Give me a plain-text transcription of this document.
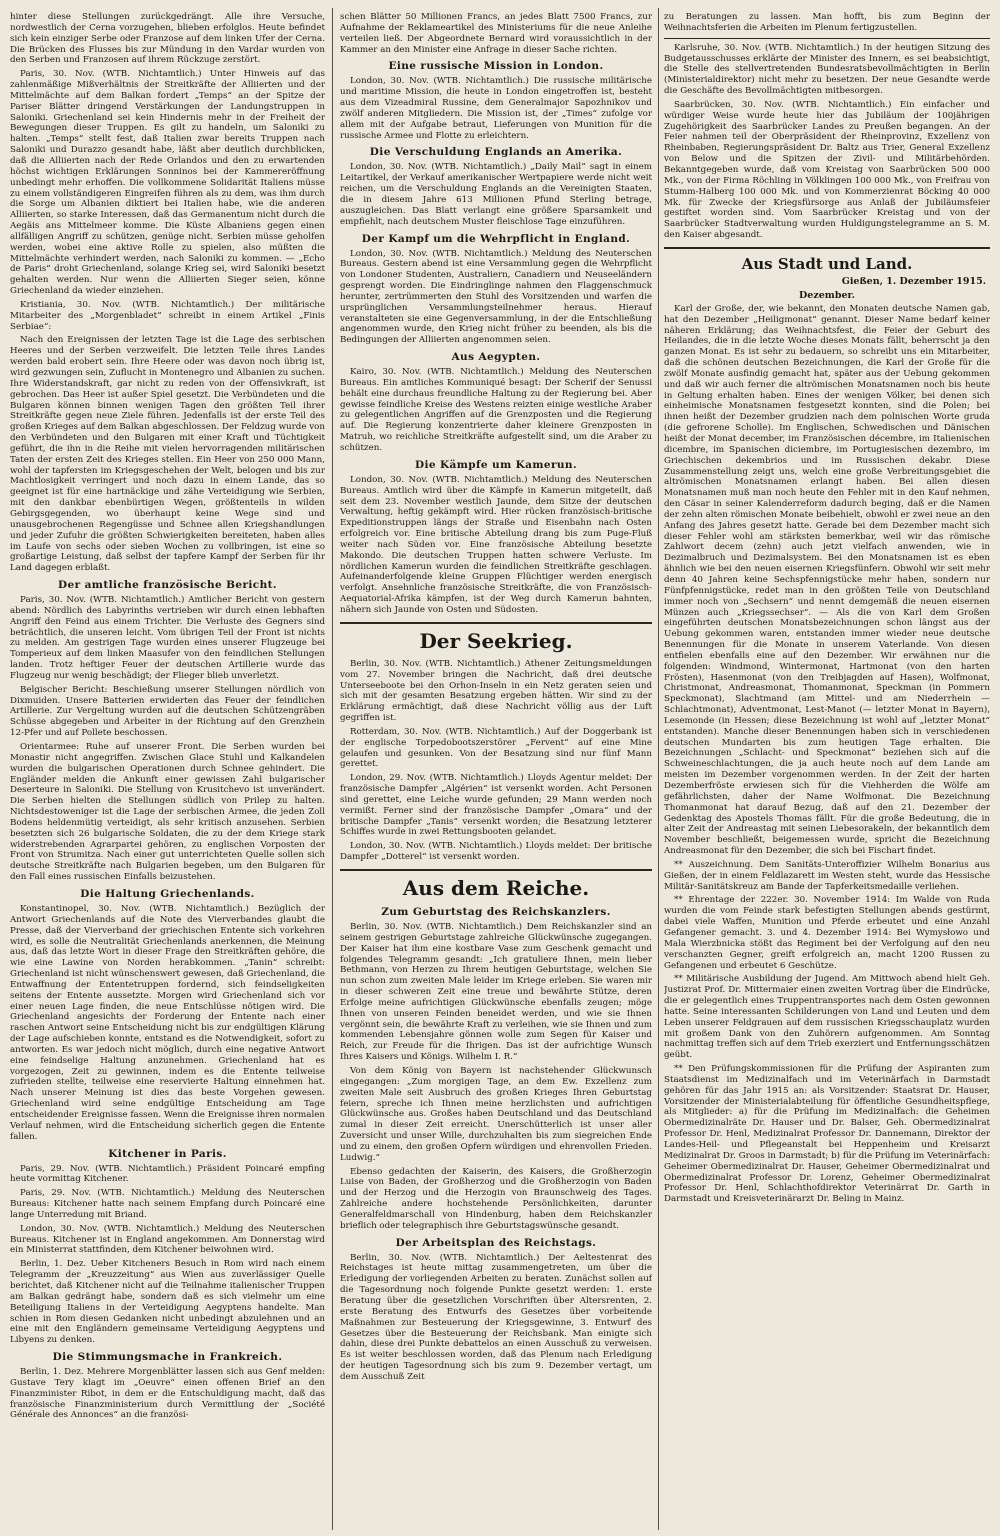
hinter diese Stellungen zurückgedrängt. Alle ihre Versuche, nordwestlich der Cerna vorzugehen, blieben erfolglos. Heute befindet sich kein einziger Serbe oder Franzose auf dem linken Ufer der Cerna. Die Brücken des Flusses bis zur Mündung in den Vardar wurden von den Serben und Franzosen auf ihrem Rückzuge zerstört.

Paris, 30. Nov. (WTB. Nichtamtlich.) Unter Hinweis auf das zahlenmäßige Mißverhältnis der Streitkräfte der Alliierten und der Mittelmächte auf dem Balkan fordert „Temps“ an der Spitze der Pariser Blätter dringend Verstärkungen der Landungstruppen in Saloniki. Griechenland sei kein Hindernis mehr in der Freiheit der Bewegungen dieser Truppen. Es gilt zu handeln, um Saloniki zu halten. „Temps“ stellt fest, daß Italien zwar bereits Truppen nach Saloniki und Durazzo gesandt habe, läßt aber deutlich durchblicken, daß die Alliierten nach der Rede Orlandos und den zu erwartenden höchst wichtigen Erklärungen Sonninos bei der Kammereröffnung unbedingt mehr erhoffen. Die vollkommene Solidarität Italiens müsse zu einem vollständigeren Eingreifen führen als zu dem, was ihm durch die Sorge um Albanien diktiert bei Italien habe, wie die anderen Alliierten, so starke Interessen, daß das Germanentum nicht durch die Aegäis ans Mittelmeer komme. Die Küste Albaniens gegen einen allfälligen Angriff zu schützen, genüge nicht. Serbien müsse geholfen werden, wobei eine aktive Rolle zu spielen, also müßten die Mittelmächte verhindert werden, nach Saloniki zu kommen. — „Echo de Paris“ droht Griechenland, solange Krieg sei, wird Saloniki besetzt gehalten werden. Nur wenn die Alliierten Sieger seien, könne Griechenland da wieder einziehen.

Kristiania, 30. Nov. (WTB. Nichtamtlich.) Der militärische Mitarbeiter des „Morgenbladet“ schreibt in einem Artikel „Finis Serbiae“:

Nach den Ereignissen der letzten Tage ist die Lage des serbischen Heeres und der Serben verzweifelt. Die letzten Teile ihres Landes werden bald erobert sein. Ihre Heere oder was davon noch übrig ist, wird gezwungen sein, Zuflucht in Montenegro und Albanien zu suchen. Ihre Widerstandskraft, gar nicht zu reden von der Offensivkraft, ist gebrochen. Das Heer ist außer Spiel gesetzt. Die Verbündeten und die Bulgaren können binnen wenigen Tagen den größten Teil ihrer Streitkräfte gegen neue Ziele führen. Jedenfalls ist der erste Teil des großen Krieges auf dem Balkan abgeschlossen. Der Feldzug wurde von den Verbündeten und den Bulgaren mit einer Kraft und Tüchtigkeit geführt, die ihn in die Reihe mit vielen hervorragenden militärischen Taten der ersten Zeit des Krieges stellen. Ein Heer von 250 000 Mann, wohl der tapfersten im Kriegsgeschehen der Welt, belogen und bis zur Machtlosigkeit verringert und noch dazu in einem Lande, das so geeignet ist für eine hartnäckige und zähe Verteidigung wie Serbien, mit den dankbar ebenbürtigen Wegen, größtenteils in wilden Gebirgsgegenden, wo überhaupt keine Wege sind und unausgebrochenen Regengüsse und Schnee allen Kriegshandlungen und jeder Zufuhr die größten Schwierigkeiten bereiteten, haben alles im Laufe von sechs oder sieben Wochen zu vollbringen, ist eine so großartige Leistung, daß selbst der tapfere Kampf der Serben für ihr Land dagegen erblaßt.

Der amtliche französische Bericht.

Paris, 30. Nov. (WTB. Nichtamtlich.) Amtlicher Bericht von gestern abend: Nördlich des Labyrinths vertrieben wir durch einen lebhaften Angriff den Feind aus einem Trichter. Die Verluste des Gegners sind beträchtlich, die unseren leicht. Vom übrigen Teil der Front ist nichts zu melden. Am gestrigen Tage wurden eines unserer Flugzeuge bei Tomperieux auf dem linken Maasufer von den feindlichen Stellungen landen. Trotz heftiger Feuer der deutschen Artillerie wurde das Flugzeug nur wenig beschädigt; der Flieger blieb unverletzt.

Belgischer Bericht: Beschießung unserer Stellungen nördlich von Dixmuiden. Unsere Batterien erwiderten das Feuer der feindlichen Artillerie. Zur Vergeltung wurden auf die deutschen Schützengräben Schüsse abgegeben und Arbeiter in der Richtung auf den Grenzhein 12-Pfer und auf Pollete beschossen.

Orientarmee: Ruhe auf unserer Front. Die Serben wurden bei Monastir nicht angegriffen. Zwischen Glace Stuhl und Kalkandelen wurden die bulgarischen Operationen durch Schnee gehindert. Die Engländer melden die Ankunft einer gewissen Zahl bulgarischer Deserteure in Saloniki. Die Stellung von Krusitchevo ist unverändert. Die Serben hielten die Stellungen südlich von Prilep zu halten. Nichtsdestoweniger ist die Lage der serbischen Armee, die jeden Zoll Bodens heldenmütig verteidigt, als sehr kritisch anzusehen. Serbien besetzten sich 26 bulgarische Soldaten, die zu der dem Kriege stark widerstrebenden Agrarpartei gehören, zu englischen Vorposten der Front von Strumitza. Nach einer gut unterrichteten Quelle sollen sich deutsche Streitkräfte nach Bulgarien begeben, um den Bulgaren für den Fall eines russischen Einfalls beizustehen.

Die Haltung Griechenlands.

Konstantinopel, 30. Nov. (WTB. Nichtamtlich.) Bezüglich der Antwort Griechenlands auf die Note des Vierverbandes glaubt die Presse, daß der Vierverband der griechischen Entente sich vorkehren wird, es solle die Neutralität Griechenlands anerkennen, die Meinung aus, daß das letzte Wort in dieser Frage den Streitkräften gehöre, die wie eine Lawine von Norden herabkommen. „Tanin“ schreibt: Griechenland ist nicht wünschenswert gewesen, daß Griechenland, die Entwaffnung der Ententetruppen fordernd, sich feindseligkeiten seitens der Entente aussetzte. Morgen wird Griechenland sich vor einer neuen Lage finden, die neue Entschlüsse nötigen wird. Die Griechenland angesichts der Forderung der Entente nach einer raschen Antwort seine Entscheidung nicht bis zur endgültigen Klärung der Lage aufschieben konnte, entstand es die Notwendigkeit, sofort zu antworten. Es war jedoch nicht möglich, durch eine negative Antwort eine feindselige Haltung anzunehmen. Griechenland hat es vorgezogen, Zeit zu gewinnen, indem es die Entente teilweise zufrieden stellte, teilweise eine reservierte Haltung einnehmen hat. Nach unserer Meinung ist dies das beste Vorgehen gewesen. Griechenland wird seine endgültige Entscheidung am Tage entscheidender Ereignisse fassen. Wenn die Ereignisse ihren normalen Verlauf nehmen, wird die Entscheidung sicherlich gegen die Entente fallen.

Kitchener in Paris.

Paris, 29. Nov. (WTB. Nichtamtlich.) Präsident Poincaré empfing heute vormittag Kitchener.

Paris, 29. Nov. (WTB. Nichtamtlich.) Meldung des Neuterschen Bureaus: Kitchener hatte nach seinem Empfang durch Poincaré eine lange Unterredung mit Briand.

London, 30. Nov. (WTB. Nichtamtlich.) Meldung des Neuterschen Bureaus. Kitchener ist in England angekommen. Am Donnerstag wird ein Ministerrat stattfinden, dem Kitchener beiwohnen wird.

Berlin, 1. Dez. Ueber Kitcheners Besuch in Rom wird nach einem Telegramm der „Kreuzzeitung“ aus Wien aus zuverlässiger Quelle berichtet, daß Kitchener nicht auf die Teilnahme italienischer Truppen am Balkan gedrängt habe, sondern daß es sich vielmehr um eine Beteiligung Italiens in der Verteidigung Aegyptens handelte. Man schien in Rom diesen Gedanken nicht unbedingt abzulehnen und an eine mit den Engländern gemeinsame Verteidigung Aegyptens und Libyens zu denken.

Die Stimmungsmache in Frankreich.

Berlin, 1. Dez. Mehrere Morgenblätter lassen sich aus Genf melden: Gustave Tery klagt im „Oeuvre“ einen offenen Brief an den Finanzminister Ribot, in dem er die Entschuldigung macht, daß das französische Finanzministerium durch Vermittlung der „Société Générale des Annonces“ an die französi-

schen Blätter 50 Millionen Francs, an jedes Blatt 7500 Francs, zur Aufnahme der Reklameartikel des Ministeriums für die neue Anleihe verteilen ließ. Der Abgeordnete Bernard wird voraussichtlich in der Kammer an den Minister eine Anfrage in dieser Sache richten.

Eine russische Mission in London.

London, 30. Nov. (WTB. Nichtamtlich.) Die russische militärische und maritime Mission, die heute in London eingetroffen ist, besteht aus dem Vizeadmiral Russine, dem Generalmajor Sapozhnikov und zwölf anderen Mitgliedern. Die Mission ist, der „Times“ zufolge vor allem mit der Aufgabe betraut, Lieferungen von Munition für die russische Armee und Flotte zu erleichtern.

Die Verschuldung Englands an Amerika.

London, 30. Nov. (WTB. Nichtamtlich.) „Daily Mail“ sagt in einem Leitartikel, der Verkauf amerikanischer Wertpapiere werde nicht weit reichen, um die Verschuldung Englands an die Vereinigten Staaten, die in diesem Jahre 613 Millionen Pfund Sterling betrage, auszugleichen. Das Blatt verlangt eine größere Sparsamkeit und empfiehlt, nach deutschem Muster fleischlose Tage einzuführen.

Der Kampf um die Wehrpflicht in England.

London, 30. Nov. (WTB. Nichtamtlich.) Meldung des Neuterschen Bureaus. Gestern abend ist eine Versammlung gegen die Wehrpflicht von Londoner Studenten, Australiern, Canadiern und Neuseeländern gesprengt worden. Die Eindringlinge nahmen den Flaggenschmuck herunter, zertrümmerten den Stuhl des Vorsitzenden und warfen die ursprünglichen Versammlungsteilnehmer heraus. Hierauf veranstalteten sie eine Gegenversammlung, in der die Entschließung angenommen wurde, den Krieg nicht früher zu beenden, als bis die Bedingungen der Alliierten angenommen seien.

Aus Aegypten.

Kairo, 30. Nov. (WTB. Nichtamtlich.) Meldung des Neuterschen Bureaus. Ein amtliches Kommuniqué besagt: Der Scherif der Senussi behält eine durchaus freundliche Haltung zu der Regierung bei. Aber gewisse feindliche Kreise des Westens reizten einige westliche Araber zu gelegentlichen Angriffen auf die Grenzposten und die Regierung auf. Die Regierung konzentrierte daher kleinere Grenzposten in Matruh, wo reichliche Streitkräfte aufgestellt sind, um die Araber zu schützen.

Die Kämpfe um Kamerun.

London, 30. Nov. (WTB. Nichtamtlich.) Meldung des Neuterschen Bureaus. Amtlich wird über die Kämpfe in Kamerun mitgeteilt, daß seit dem 23. November westlich Jaunde, dem Sitze der deutschen Verwaltung, heftig gekämpft wird. Hier rücken französisch-britische Expeditionstruppen längs der Straße und Eisenbahn nach Osten erfolgreich vor. Eine britische Abteilung drang bis zum Puge-Fluß weiter nach Süden vor. Eine französische Abteilung besetzte Makondo. Die deutschen Truppen hatten schwere Verluste. Im nördlichen Kamerun wurden die feindlichen Streitkräfte geschlagen. Aufeinanderfolgende kleine Gruppen Flüchtiger werden energisch verfolgt. Ansehnliche französische Streitkräfte, die von Französisch-Aequatorial-Afrika kämpfen, ist der Weg durch Kamerun bahnten, nähern sich Jaunde von Osten und Südosten.

Der Seekrieg.

Berlin, 30. Nov. (WTB. Nichtamtlich.) Athener Zeitungsmeldungen vom 27. November bringen die Nachricht, daß drei deutsche Unterseeboote bei den Orhon-Inseln in ein Netz geraten seien und sich mit der gesamten Besatzung ergeben hätten. Wir sind zu der Erklärung ermächtigt, daß diese Nachricht völlig aus der Luft gegriffen ist.

Rotterdam, 30. Nov. (WTB. Nichtamtlich.) Auf der Doggerbank ist der englische Torpedobootszerstörer „Fervent“ auf eine Mine gelaufen und gesunken. Von der Besatzung sind nur fünf Mann gerettet.

London, 29. Nov. (WTB. Nichtamtlich.) Lloyds Agentur meldet: Der französische Dampfer „Algérien“ ist versenkt worden. Acht Personen sind gerettet, eine Leiche wurde gefunden; 29 Mann werden noch vermißt. Ferner sind der französische Dampfer „Omara“ und der britische Dampfer „Tanis“ versenkt worden; die Besatzung letzterer Schiffes wurde in zwei Rettungsbooten gelandet.

London, 30. Nov. (WTB. Nichtamtlich.) Lloyds meldet: Der britische Dampfer „Dotterel“ ist versenkt worden.

Aus dem Reiche.
Zum Geburtstag des Reichskanzlers.

Berlin, 30. Nov. (WTB. Nichtamtlich.) Dem Reichskanzler sind an seinem gestrigen Geburtstage zahlreiche Glückwünsche zugegangen. Der Kaiser hat ihm eine kostbare Vase zum Geschenk gemacht und folgendes Telegramm gesandt: „Ich gratuliere Ihnen, mein lieber Bethmann, von Herzen zu Ihrem heutigen Geburtstage, welchen Sie nun schon zum zweiten Male leider im Kriege erleben. Sie waren mir in dieser schweren Zeit eine treue und bewährte Stütze, deren Erfolge meine aufrichtigen Glückwünsche ebenfalls zeugen; möge Ihnen von unseren Feinden beneidet werden, und wie sie Ihnen vergönnt sein, die bewährte Kraft zu verleihen, wie sie Ihnen und zum kommenden Lebensjahre gönnen wolle zum Segen für Kaiser und Reich, zur Freude für die Ihrigen. Das ist der aufrichtige Wunsch Ihres Kaisers und Königs. Wilhelm I. R.“

Von dem König von Bayern ist nachstehender Glückwunsch eingegangen: „Zum morgigen Tage, an dem Ew. Exzellenz zum zweiten Male seit Ausbruch des großen Krieges Ihren Geburtstag feiern, spreche ich Ihnen meine herzlichsten und aufrichtigen Glückwünsche aus. Großes haben Deutschland und das Deutschland zumal in dieser Zeit erreicht. Unerschütterlich ist unser aller Zuversicht und unser Wille, durchzuhalten bis zum siegreichen Ende und zu einem, den großen Opfern würdigen und ehrenvollen Frieden. Ludwig.“

Ebenso gedachten der Kaiserin, des Kaisers, die Großherzogin Luise von Baden, der Großherzog und die Großherzogin von Baden und der Herzog und die Herzogin von Braunschweig des Tages. Zahlreiche andere hochstehende Persönlichkeiten, darunter Generalfeldmarschall von Hindenburg, haben dem Reichskanzler brieflich oder telegraphisch ihre Geburtstagswünsche gesandt.

Der Arbeitsplan des Reichstags.

Berlin, 30. Nov. (WTB. Nichtamtlich.) Der Aeltestenrat des Reichstages ist heute mittag zusammengetreten, um über die Erledigung der vorliegenden Arbeiten zu beraten. Zunächst sollen auf die Tagesordnung noch folgende Punkte gesetzt werden: 1. erste Beratung über die gesetzlichen Vorschriften über Altersrenten, 2. erste Beratung des Entwurfs des Gesetzes über vorbeitende Maßnahmen zur Besteuerung der Kriegsgewinne, 3. Entwurf des Gesetzes über die Besteuerung der Reichsbank. Man einigte sich dahin, diese drei Punkte debattelos an einen Ausschuß zu verweisen. Es ist weiter beschlossen worden, daß das Plenum nach Erledigung der heutigen Tagesordnung sich bis zum 9. Dezember vertagt, um dem Ausschuß Zeit

zu Beratungen zu lassen. Man hofft, bis zum Beginn der Weihnachtsferien die Arbeiten im Plenum fertigzustellen.

Karlsruhe, 30. Nov. (WTB. Nichtamtlich.) In der heutigen Sitzung des Budgetausschusses erklärte der Minister des Innern, es sei beabsichtigt, die Stelle des stellvertretenden Bundesratsbevollmächtigten in Berlin (Ministerialdirektor) nicht mehr zu besetzen. Der neue Gesandte werde die Geschäfte des Bevollmächtigten mitbesorgen.

Saarbrücken, 30. Nov. (WTB. Nichtamtlich.) Ein einfacher und würdiger Weise wurde heute hier das Jubiläum der 100jährigen Zugehörigkeit des Saarbrücker Landes zu Preußen begangen. An der Feier nahmen teil der Oberpräsident der Rheinprovinz, Exzellenz von Rheinbaben, Regierungspräsident Dr. Baltz aus Trier, General Exzellenz von Below und die Spitzen der Zivil- und Militärbehörden. Bekanntgegeben wurde, daß vom Kreistag von Saarbrücken 500 000 Mk., von der Firma Röchling in Völklingen 100 000 Mk., von Freifrau von Stumm-Halberg 100 000 Mk. und von Kommerzienrat Böcking 40 000 Mk. für Zwecke der Kriegsfürsorge aus Anlaß der Jubiläumsfeier gestiftet worden sind. Vom Saarbrücker Kreistag und von der Saarbrücker Stadtverwaltung wurden Huldigungstelegramme an S. M. den Kaiser abgesandt.

Aus Stadt und Land.
Gießen, 1. Dezember 1915.
Dezember.

Karl der Große, der, wie bekannt, den Monaten deutsche Namen gab, hat den Dezember „Heiligmonat“ genannt. Dieser Name bedarf keiner näheren Erklärung; das Weihnachtsfest, die Feier der Geburt des Heilandes, die in die letzte Woche dieses Monats fällt, beherrscht ja den ganzen Monat. Es ist sehr zu bedauern, so schreibt uns ein Mitarbeiter, daß die schönen deutschen Bezeichnungen, die Karl der Große für die zwölf Monate ausfindig gemacht hat, später aus der Uebung gekommen und daß wir auch ferner die altrömischen Monatsnamen noch bis heute in Geltung erhalten haben. Eines der wenigen Völker, bei denen sich einheimische Monatsnamen festgesetzt konnten, sind die Polen; bei ihnen heißt der Dezember grudzien nach dem polnischen Worte gruda (die gefrorene Scholle). Im Englischen, Schwedischen und Dänischen heißt der Monat december, im Französischen décembre, im Italienischen dicembre, im Spanischen diciembre, im Portugiesischen dezembro, im Griechischen dekembrios und im Russischen dekabr. Diese Zusammenstellung zeigt uns, welch eine große Verbreitungsgebiet die altrömischen Monatsnamen erlangt haben. Bei allen diesen Monatsnamen muß man noch heute den Fehler mit in den Kauf nehmen, den Cäsar in seiner Kalenderreform dadurch beging, daß er die Namen der zehn alten römischen Monate beibehielt, obwohl er zwei neue an den Anfang des Jahres gesetzt hatte. Gerade bei dem Dezember macht sich dieser Fehler wohl am stärksten bemerkbar, weil wir das römische Zahlwort decem (zehn) auch jetzt vielfach anwenden, wie in Dezimalbruch und Dezimalsystem. Bei den Monatsnamen ist es eben ähnlich wie bei den neuen eisernen Kriegsfünfern. Obwohl wir seit mehr denn 40 Jahren keine Sechspfennigstücke mehr haben, sondern nur Fünfpfennigstücke, redet man in den größten Teile von Deutschland immer noch von „Sechsern“ und nennt demgemäß die neuen eisernen Münzen auch „Kriegssechser“. — Als die von Karl dem Großen eingeführten deutschen Monatsbezeichnungen schon längst aus der Uebung gekommen waren, entstanden immer wieder neue deutsche Benennungen für die Monate in unserem Vaterlande. Von diesen entfielen ebenfalls eine auf den Dezember. Wir erwähnen nur die folgenden: Windmond, Wintermonat, Hartmonat (von den harten Frösten), Hasenmonat (von den Treibjagden auf Hasen), Wolfmonat, Christmonat, Andreasmonat, Thomanmonat, Speckman (in Pommern Speckmonat), Slachtmand (am Mittel- und am Niederrhein — Schlachtmonat), Adventmonat, Lest-Manot (— letzter Monat in Bayern), Lesemonde (in Hessen; diese Bezeichnung ist wohl auf „letzter Monat“ entstanden). Manche dieser Benennungen haben sich in verschiedenen deutschen Mundarten bis zum heutigen Tage erhalten. Die Bezeichnungen „Schlacht- und Speckmonat“ beziehen sich auf die Schweineschlachtungen, die ja auch heute noch auf dem Lande am meisten im Dezember vorgenommen werden. In der Zeit der harten Dezemberfröste erwiesen sich für die Viehherden die Wölfe am gefährlichsten, daher der Name Wolfmonat. Die Bezeichnung Thomanmonat hat darauf Bezug, daß auf den 21. Dezember der Gedenktag des Apostels Thomas fällt. Für die große Bedeutung, die in alter Zeit der Andreastag mit seinen Liebesorakeln, der bekanntlich dem November beschließt, beigemessen wurde, spricht die Bezeichnung Andreasmonat für den Dezember, die sich bei Fischart findet.

** Auszeichnung. Dem Sanitäts-Unteroffizier Wilhelm Bonarius aus Gießen, der in einem Feldlazarett im Westen steht, wurde das Hessische Militär-Sanitätskreuz am Bande der Tapferkeitsmedaille verliehen.

** Ehrentage der 222er. 30. November 1914: Im Walde von Ruda wurden die vom Feinde stark befestigten Stellungen abends gestürmt, dabei viele Waffen, Munition und Pferde erbeutet und eine Anzahl Gefangener gemacht. 3. und 4. Dezember 1914: Bei Wymysłowo und Mala Wierzbnicka stößt das Regiment bei der Verfolgung auf den neu verschanzten Gegner, greift erfolgreich an, macht 1200 Russen zu Gefangenen und erbeutet 6 Geschütze.

** Militärische Ausbildung der Jugend. Am Mittwoch abend hielt Geh. Justizrat Prof. Dr. Mittermaier einen zweiten Vortrag über die Eindrücke, die er gelegentlich eines Truppentransportes nach dem Osten gewonnen hatte. Seine interessanten Schilderungen von Land und Leuten und dem Leben unserer Feldgrauen auf dem russischen Kriegsschauplatz wurden mit großem Dank von den Zuhörern aufgenommen. Am Sonntag nachmittag treffen sich auf dem Trieb exerziert und Entfernungsschätzen geübt.

** Den Prüfungskommissionen für die Prüfung der Aspiranten zum Staatsdienst im Medizinalfach und im Veterinärfach in Darmstadt gehören für das Jahr 1915 an: als Vorsitzender: Staatsrat Dr. Hauser, Vorsitzender der Ministerialabteilung für öffentliche Gesundheitspflege, als Mitglieder: a) für die Prüfung im Medizinalfach: die Geheimen Obermedizinalräte Dr. Hauser und Dr. Balser, Geh. Obermedizinalrat Professor Dr. Henl, Medizinalrat Professor Dr. Dannemann, Direktor der Landes-Heil- und Pflegeanstalt bei Heppenheim und Kreisarzt Medizinalrat Dr. Groos in Darmstadt; b) für die Prüfung im Veterinärfach: Geheimer Obermedizinalrat Dr. Hauser, Geheimer Obermedizinalrat und Obermedizinalrat Professor Dr. Lorenz, Geheimer Obermedizinalrat Professor Dr. Henl, Schlachthofdirektor Veterinärrat Dr. Garth in Darmstadt und Kreisveterinärarzt Dr. Beling in Mainz.
